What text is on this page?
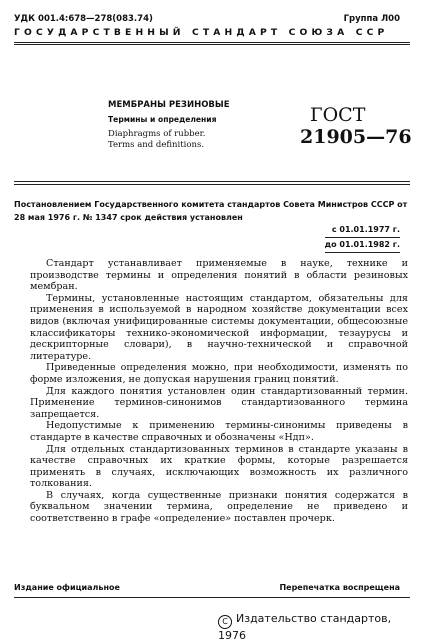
УДК 001.4:678—278(083.74)	Группа Л00
ГОСУДАРСТВЕННЫЙ СТАНДАРТ СОЮЗА ССР
МЕМБРАНЫ РЕЗИНОВЫЕ
Термины и определения
Diaphragms of rubber.
Terms and definitions.
ГОСТ
21905—76
Постановлением Государственного комитета стандартов Совета Министров СССР от 28 мая 1976 г. № 1347 срок действия установлен
с 01.01.1977 г.
до 01.01.1982 г.

Стандарт устанавливает применяемые в науке, технике и производстве термины и определения понятий в области резиновых мембран.

Термины, установленные настоящим стандартом, обязательны для применения в используемой в народном хозяйстве документации всех видов (включая унифицированные системы документации, общесоюзные классификаторы технико-экономической информации, тезаурусы и дескрипторные словари), в научно-технической и справочной литературе.

Приведенные определения можно, при необходимости, изменять по форме изложения, не допуская нарушения границ понятий.

Для каждого понятия установлен один стандартизованный термин. Применение терминов-синонимов стандартизованного термина запрещается.

Недопустимые к применению термины-синонимы приведены в стандарте в качестве справочных и обозначены «Ндп».

Для отдельных стандартизованных терминов в стандарте указаны в качестве справочных их краткие формы, которые разрешается применять в случаях, исключающих возможность их различного толкования.

В случаях, когда существенные признаки понятия содержатся в буквальном значении термина, определение не приведено и соответственно в графе «определение» поставлен прочерк.

Издание официальное	Перепечатка воспрещена
C Издательство стандартов, 1976
